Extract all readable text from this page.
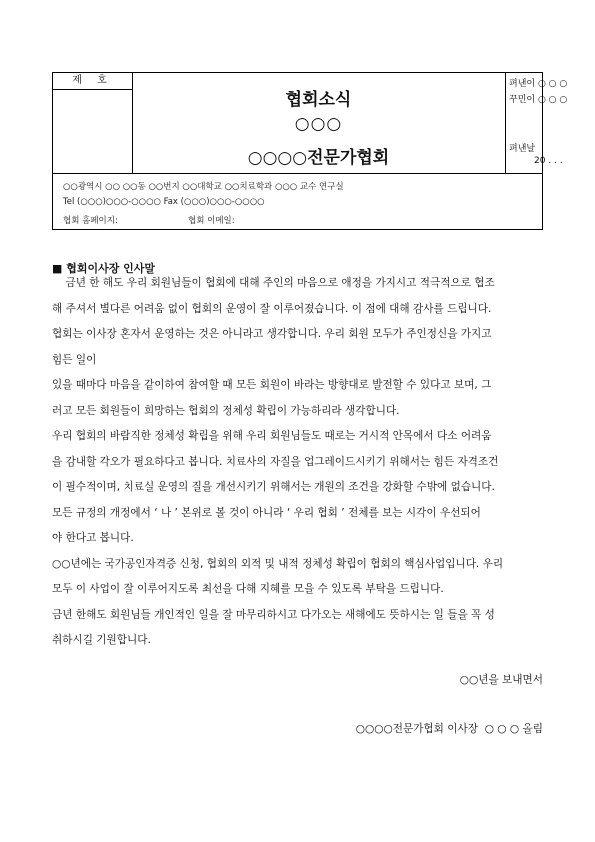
제 호
협회소식
○○○
○○○○전문가협회
펴낸이 ○ ○ ○
꾸민이 ○ ○ ○
펴낸날
20 . . .
○○광역시 ○○ ○○동 ○○번지 ○○대학교 ○○치료학과 ○○○ 교수 연구실
Tel (○○○)○○○-○○○○ Fax (○○○)○○○-○○○○
협회 홈페이지:	협회 이메일:
■ 협회이사장 인사말

금년 한 해도 우리 회원님들이 협회에 대해 주인의 마음으로 애정을 가지시고 적극적으로 협조

해 주셔서 별다른 어려움 없이 협회의 운영이 잘 이루어졌습니다. 이 점에 대해 감사를 드립니다.

협회는 이사장 혼자서 운영하는 것은 아니라고 생각합니다. 우리 회원 모두가 주인정신을 가지고

힘든 일이

있을 때마다 마음을 같이하여 참여할 때 모든 회원이 바라는 방향대로 발전할 수 있다고 보며, 그

러고 모든 회원들이 희망하는 협회의 정체성 확립이 가능하리라 생각합니다.

우리 협회의 바람직한 정체성 확립을 위해 우리 회원님들도 때로는 거시적 안목에서 다소 어려움

을 감내할 각오가 필요하다고 봅니다. 치료사의 자질을 업그레이드시키기 위해서는 힘든 자격조건

이 필수적이며, 치료실 운영의 질을 개선시키기 위해서는 개원의 조건을 강화할 수밖에 없습니다.

모든 규정의 개정에서 ‘ 나 ’ 본위로 볼 것이 아니라 ‘ 우리 협회 ’ 전체를 보는 시각이 우선되어

야 한다고 봅니다.

○○년에는 국가공인자격증 신청, 협회의 외적 및 내적 정체성 확립이 협회의 핵심사업입니다. 우리

모두 이 사업이 잘 이루어지도록 최선을 다해 지혜를 모을 수 있도록 부탁을 드립니다.

금년 한해도 회원님들 개인적인 일을 잘 마무리하시고 다가오는 새해에도 뜻하시는 일 들을 꼭 성

취하시길 기원합니다.

○○년을 보내면서
○○○○전문가협회 이사장  ○ ○ ○ 올림
